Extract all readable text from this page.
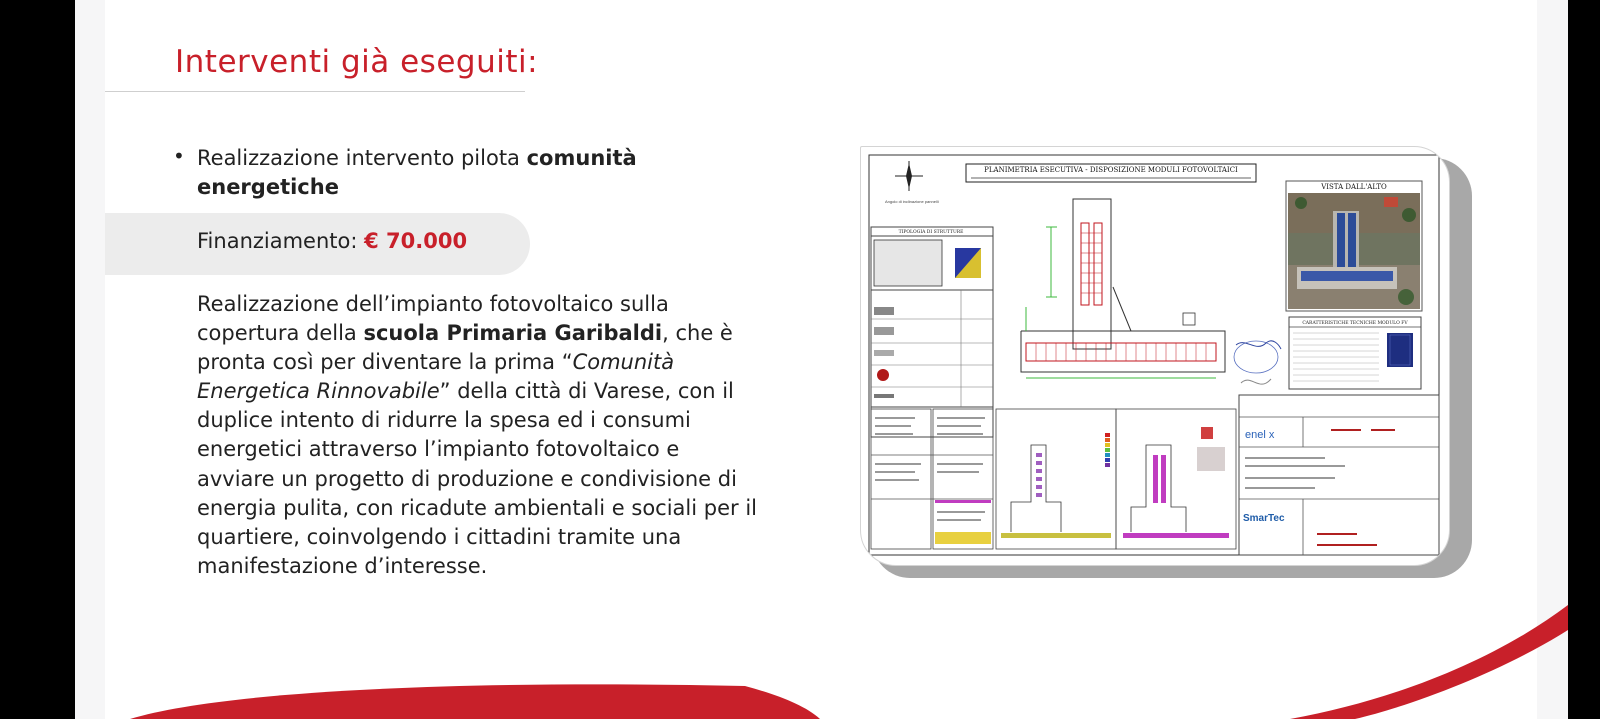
Interventi già eseguiti:
• Realizzazione intervento pilota comunità energetiche
Finanziamento: € 70.000
Realizzazione dell’impianto fotovoltaico sulla copertura della scuola Primaria Garibaldi, che è pronta così per diventare la prima “Comunità Energetica Rinnovabile” della città di Varese, con il duplice intento di ridurre la spesa ed i consumi energetici attraverso l’impianto fotovoltaico e avviare un progetto di produzione e condivisione di energia pulita, con ricadute ambientali e sociali per il quartiere, coinvolgendo i cittadini tramite una manifestazione d’interesse.
Angolo di inclinazione pannelli
PLANIMETRIA ESECUTIVA - DISPOSIZIONE MODULI FOTOVOLTAICI
TIPOLOGIA DI STRUTTURE
VISTA DALL'ALTO
CARATTERISTICHE TECNICHE MODULO FV
enel x
SmarTec
